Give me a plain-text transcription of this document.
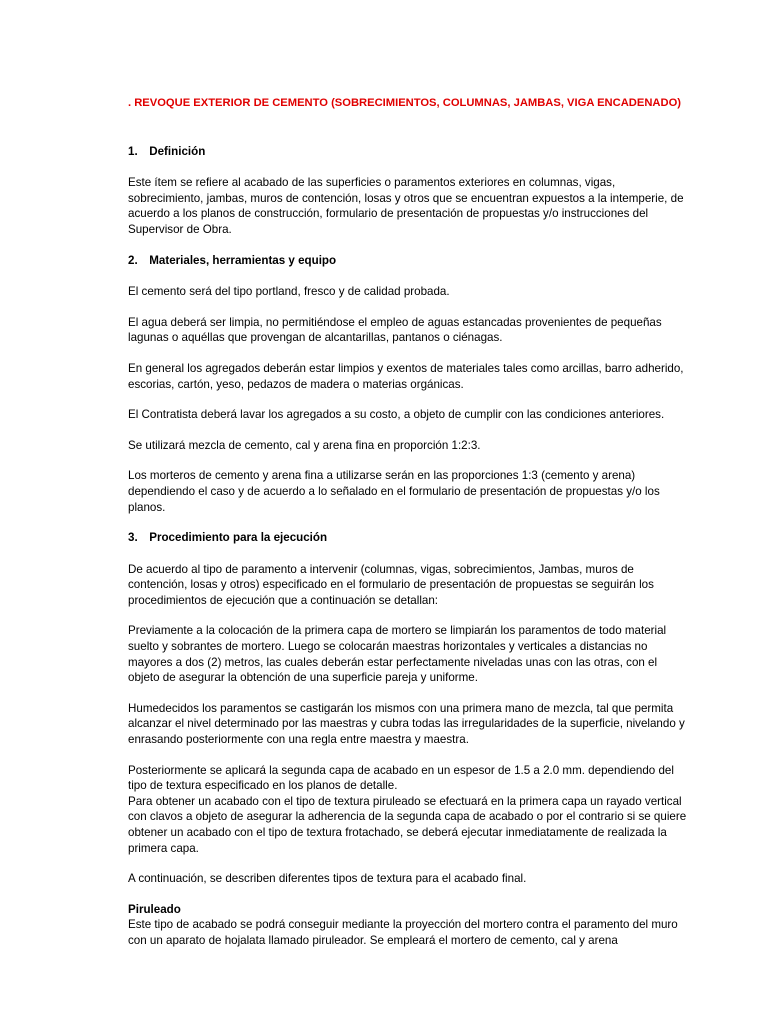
. REVOQUE EXTERIOR DE CEMENTO (SOBRECIMIENTOS, COLUMNAS, JAMBAS, VIGA ENCADENADO)
1. Definición

Este ítem se refiere al acabado de las superficies o paramentos exteriores en columnas, vigas, sobrecimiento, jambas, muros de contención, losas y otros que se encuentran expuestos a la intemperie, de acuerdo a los planos de construcción, formulario de presentación de propuestas y/o instrucciones del Supervisor de Obra.

2. Materiales, herramientas y equipo

El cemento será del tipo portland, fresco y de calidad probada.

El agua deberá ser limpia, no permitiéndose el empleo de aguas estancadas provenientes de pequeñas lagunas o aquéllas que provengan de alcantarillas, pantanos o ciénagas.

En general los agregados deberán estar limpios y exentos de materiales tales como arcillas, barro adherido, escorias, cartón, yeso, pedazos de madera o materias orgánicas.

El Contratista deberá lavar los agregados a su costo, a objeto de cumplir con las condiciones anteriores.

Se utilizará mezcla de cemento, cal y arena fina en proporción 1:2:3.

Los morteros de cemento y arena fina a utilizarse serán en las proporciones 1:3 (cemento y arena) dependiendo el caso y de acuerdo a lo señalado en el formulario de presentación de propuestas y/o los planos.

3. Procedimiento para la ejecución

De acuerdo al tipo de paramento a intervenir (columnas, vigas, sobrecimientos, Jambas, muros de contención, losas y otros) especificado en el formulario de presentación de propuestas se seguirán los procedimientos de ejecución que a continuación se detallan:

Previamente a la colocación de la primera capa de mortero se limpiarán los paramentos de todo material suelto y sobrantes de mortero. Luego se colocarán maestras horizontales y verticales a distancias no mayores a dos (2) metros, las cuales deberán estar perfectamente niveladas unas con las otras, con el objeto de asegurar la obtención de una superficie pareja y uniforme.

Humedecidos los paramentos se castigarán los mismos con una primera mano de mezcla, tal que permita alcanzar el nivel determinado por las maestras y cubra todas las irregularidades de la superficie, nivelando y enrasando posteriormente con una regla entre maestra y maestra.

Posteriormente se aplicará la segunda capa de acabado en un espesor de 1.5 a 2.0 mm. dependiendo del tipo de textura especificado en los planos de detalle.

Para obtener un acabado con el tipo de textura piruleado se efectuará en la primera capa un rayado vertical con clavos a objeto de asegurar la adherencia de la segunda capa de acabado o por el contrario si se quiere obtener un acabado con el tipo de textura frotachado, se deberá ejecutar inmediatamente de realizada la primera capa.

A continuación, se describen diferentes tipos de textura para el acabado final.

Piruleado

Este tipo de acabado se podrá conseguir mediante la proyección del mortero contra el paramento del muro con un aparato de hojalata llamado piruleador. Se empleará el mortero de cemento, cal y arena
